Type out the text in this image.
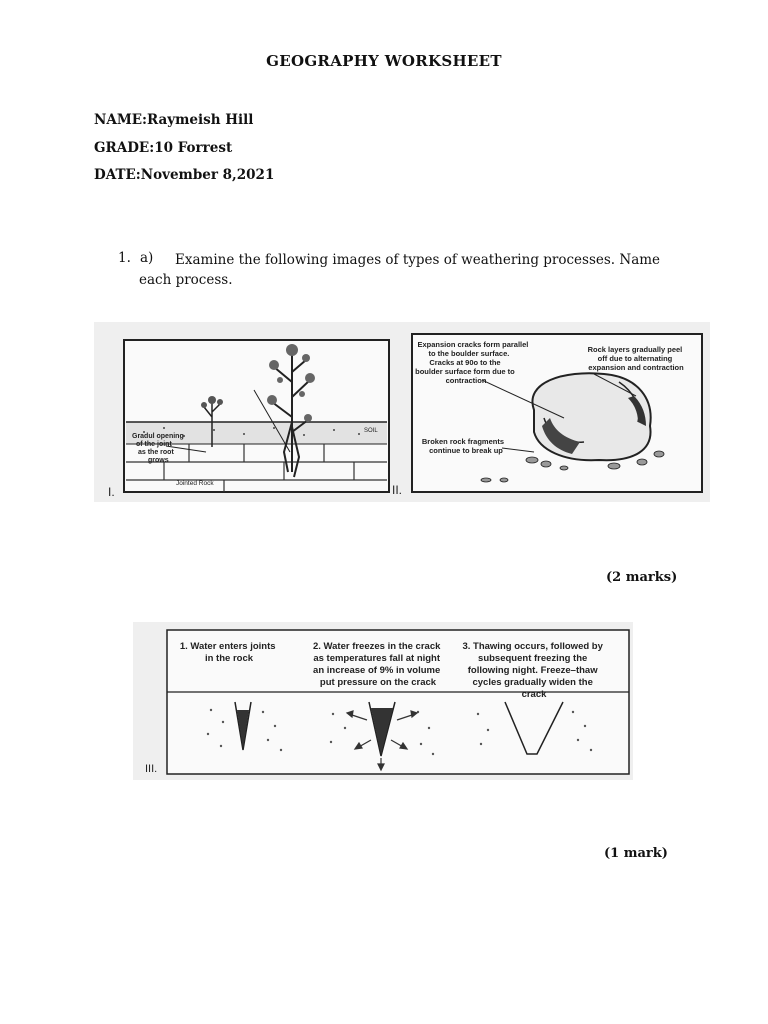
GEOGRAPHY WORKSHEET
NAME:Raymeish Hill
GRADE:10 Forrest
DATE:November 8,2021
1. a)	Examine the following images of types of weathering processes. Name each process.
Gradul opening of the joint as the root grows
SOIL
Jointed Rock
I.
Expansion cracks form parallel to the boulder surface. Cracks at 90o to the boulder surface form due to contraction
Rock layers gradually peel off due to alternating expansion and contraction
Broken rock fragments continue to break up
II.
(2 marks)
1. Water enters joints in the rock
2. Water freezes in the crack as temperatures fall at night an increase of 9% in volume put pressure on the crack
3. Thawing occurs, followed by subsequent freezing the following night. Freeze–thaw cycles gradually widen the crack
III.
(1 mark)
